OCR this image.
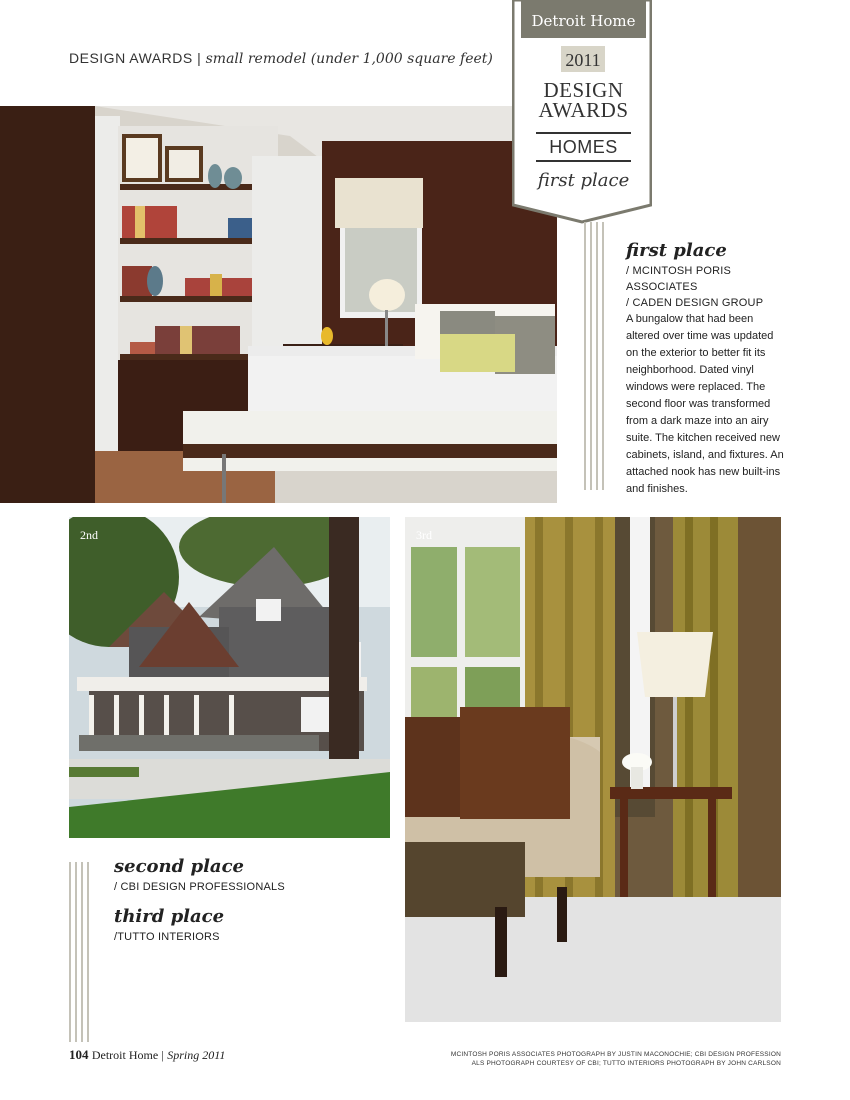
DESIGN AWARDS | small remodel (under 1,000 square feet)
Detroit Home
2011
DESIGN
AWARDS
HOMES
first place
first place
/ MCINTOSH PORIS ASSOCIATES
/ CADEN DESIGN GROUP
A bungalow that had been altered over time was updated on the exterior to better fit its neighborhood. Dated vinyl windows were replaced. The second floor was transformed from a dark maze into an airy suite. The kitchen received new cabinets, island, and fixtures. An attached nook has new built-ins and finishes.
2nd	3rd
second place
/ CBI DESIGN PROFESSIONALS
third place
/TUTTO INTERIORS
104 Detroit Home | Spring 2011	MCINTOSH PORIS ASSOCIATES PHOTOGRAPH BY JUSTIN MACONOCHIE; CBI DESIGN PROFESSION
ALS PHOTOGRAPH COURTESY OF CBI; TUTTO INTERIORS PHOTOGRAPH BY JOHN CARLSON
